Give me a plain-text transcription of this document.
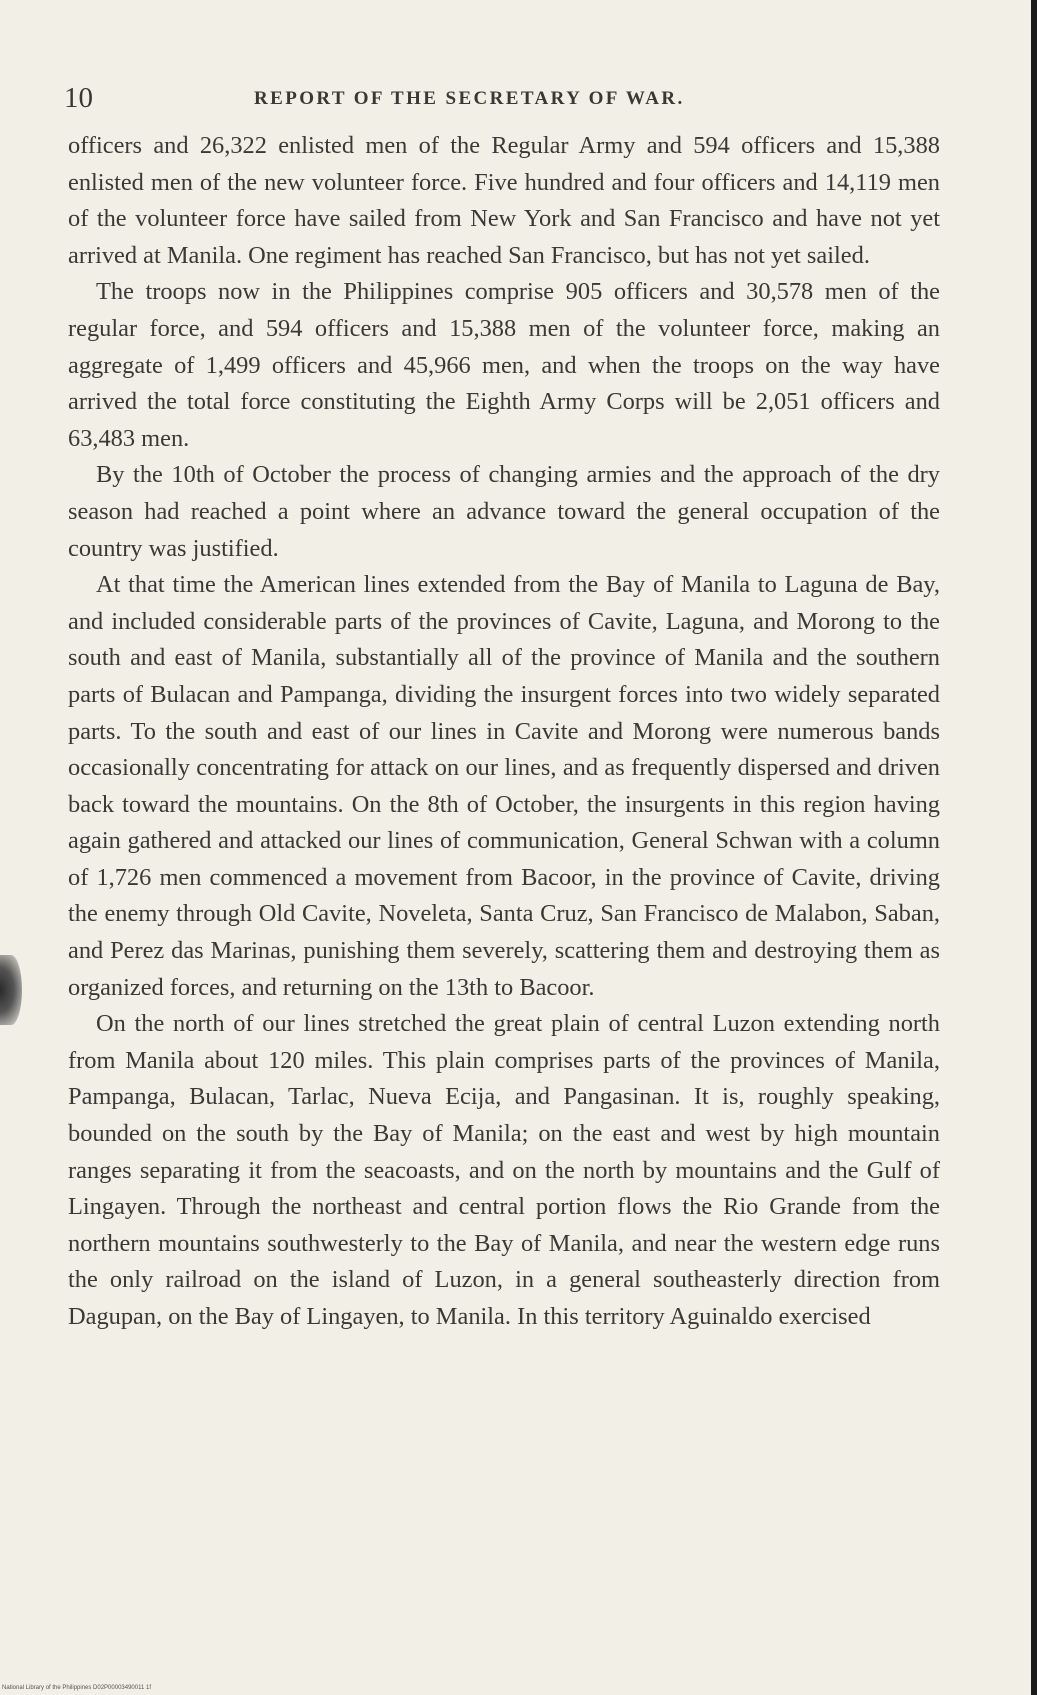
10	REPORT OF THE SECRETARY OF WAR.

officers and 26,322 enlisted men of the Regular Army and 594 officers and 15,388 enlisted men of the new volunteer force. Five hundred and four officers and 14,119 men of the volunteer force have sailed from New York and San Francisco and have not yet arrived at Manila. One regiment has reached San Francisco, but has not yet sailed.

The troops now in the Philippines comprise 905 officers and 30,578 men of the regular force, and 594 officers and 15,388 men of the volunteer force, making an aggregate of 1,499 officers and 45,966 men, and when the troops on the way have arrived the total force constituting the Eighth Army Corps will be 2,051 officers and 63,483 men.

By the 10th of October the process of changing armies and the approach of the dry season had reached a point where an advance toward the general occupation of the country was justified.

At that time the American lines extended from the Bay of Manila to Laguna de Bay, and included considerable parts of the provinces of Cavite, Laguna, and Morong to the south and east of Manila, substantially all of the province of Manila and the southern parts of Bulacan and Pampanga, dividing the insurgent forces into two widely separated parts. To the south and east of our lines in Cavite and Morong were numerous bands occasionally concentrating for attack on our lines, and as frequently dispersed and driven back toward the mountains. On the 8th of October, the insurgents in this region having again gathered and attacked our lines of communication, General Schwan with a column of 1,726 men commenced a movement from Bacoor, in the province of Cavite, driving the enemy through Old Cavite, Noveleta, Santa Cruz, San Francisco de Malabon, Saban, and Perez das Marinas, punishing them severely, scattering them and destroying them as organized forces, and returning on the 13th to Bacoor.

On the north of our lines stretched the great plain of central Luzon extending north from Manila about 120 miles. This plain comprises parts of the provinces of Manila, Pampanga, Bulacan, Tarlac, Nueva Ecija, and Pangasinan. It is, roughly speaking, bounded on the south by the Bay of Manila; on the east and west by high mountain ranges separating it from the seacoasts, and on the north by mountains and the Gulf of Lingayen. Through the northeast and central portion flows the Rio Grande from the northern mountains southwesterly to the Bay of Manila, and near the western edge runs the only railroad on the island of Luzon, in a general southeasterly direction from Dagupan, on the Bay of Lingayen, to Manila. In this territory Aguinaldo exercised

National Library of the Philippines D02P00003490011 1f
